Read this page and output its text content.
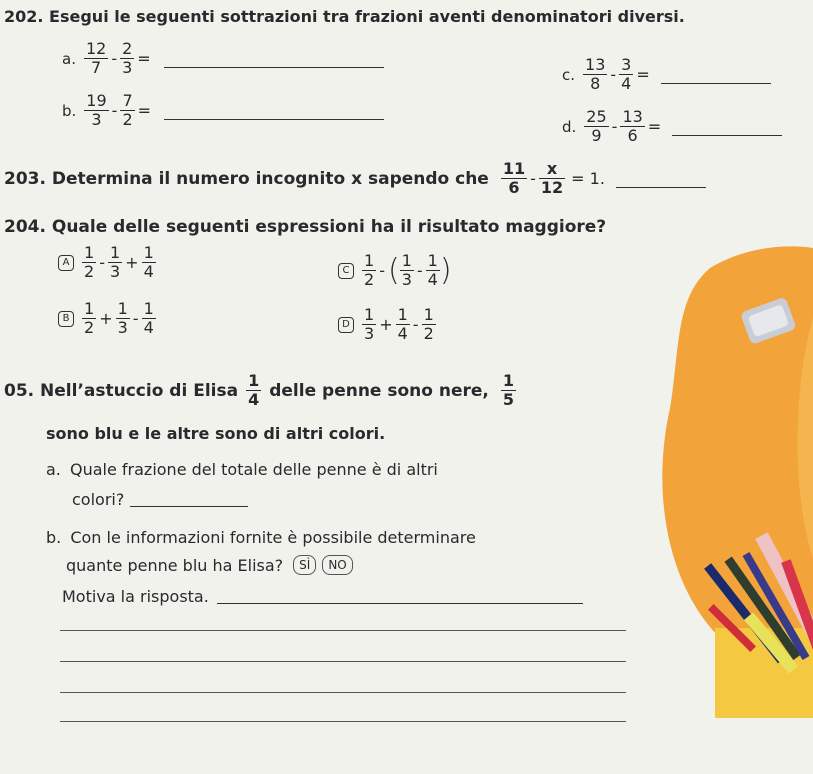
202. Esegui le seguenti sottrazioni tra frazioni aventi denominatori diversi.
a. $\frac{12}{7} - \frac{2}{3}$ =
b. $\frac{19}{3} - \frac{7}{2}$ =
c. $\frac{13}{8} - \frac{3}{4}$ =
d. $\frac{25}{9} - \frac{13}{6}$ =
203. Determina il numero incognito x sapendo che $\frac{11}{6} - \frac{x}{12} = 1$.
204. Quale delle seguenti espressioni ha il risultato maggiore?
A $\frac{1}{2} - \frac{1}{3} + \frac{1}{4}$
B $\frac{1}{2} + \frac{1}{3} - \frac{1}{4}$
C $\frac{1}{2}$ - ( $\frac{1}{3} - \frac{1}{4}$ )
D $\frac{1}{3} + \frac{1}{4} - \frac{1}{2}$
05. Nell’astuccio di Elisa $\frac{1}{4}$ delle penne sono nere, $\frac{1}{5}$
sono blu e le altre sono di altri colori.
a. Quale frazione del totale delle penne è di altri
colori?
b. Con le informazioni fornite è possibile determinare
quante penne blu ha Elisa?	SÌ	NO
Motiva la risposta.
